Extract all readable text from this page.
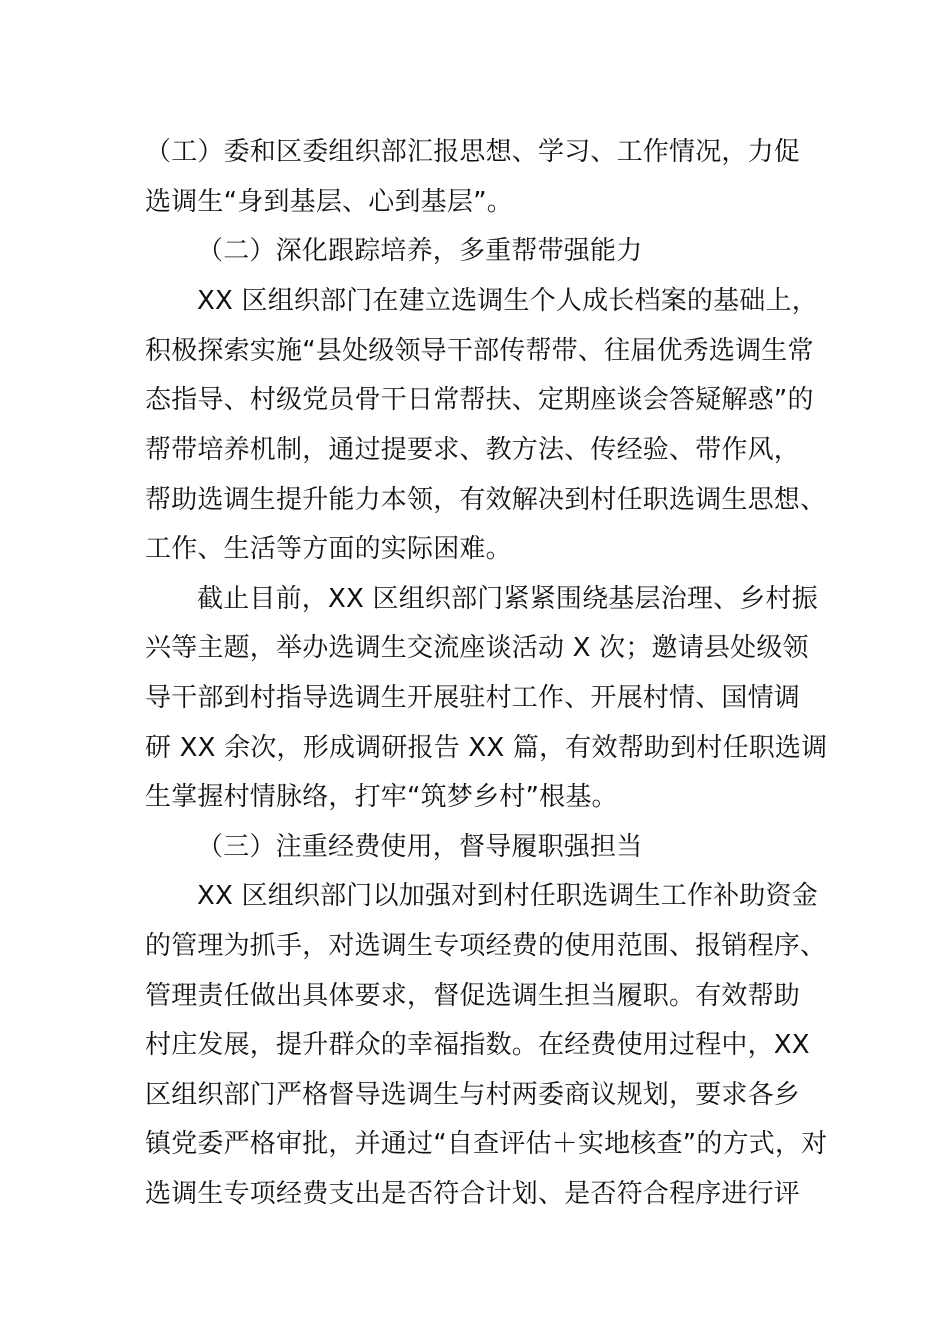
（工）委和区委组织部汇报思想、学习、工作情况，力促
选调生“身到基层、心到基层”。
（二）深化跟踪培养，多重帮带强能力
XX 区组织部门在建立选调生个人成长档案的基础上，
积极探索实施“县处级领导干部传帮带、往届优秀选调生常
态指导、村级党员骨干日常帮扶、定期座谈会答疑解惑”的
帮带培养机制，通过提要求、教方法、传经验、带作风，
帮助选调生提升能力本领，有效解决到村任职选调生思想、
工作、生活等方面的实际困难。
截止目前，XX 区组织部门紧紧围绕基层治理、乡村振
兴等主题，举办选调生交流座谈活动 X 次；邀请县处级领
导干部到村指导选调生开展驻村工作、开展村情、国情调
研 XX 余次，形成调研报告 XX 篇，有效帮助到村任职选调
生掌握村情脉络，打牢“筑梦乡村”根基。
（三）注重经费使用，督导履职强担当
XX 区组织部门以加强对到村任职选调生工作补助资金
的管理为抓手，对选调生专项经费的使用范围、报销程序、
管理责任做出具体要求，督促选调生担当履职。有效帮助
村庄发展，提升群众的幸福指数。在经费使用过程中，XX
区组织部门严格督导选调生与村两委商议规划，要求各乡
镇党委严格审批，并通过“自查评估＋实地核查”的方式，对
选调生专项经费支出是否符合计划、是否符合程序进行评
